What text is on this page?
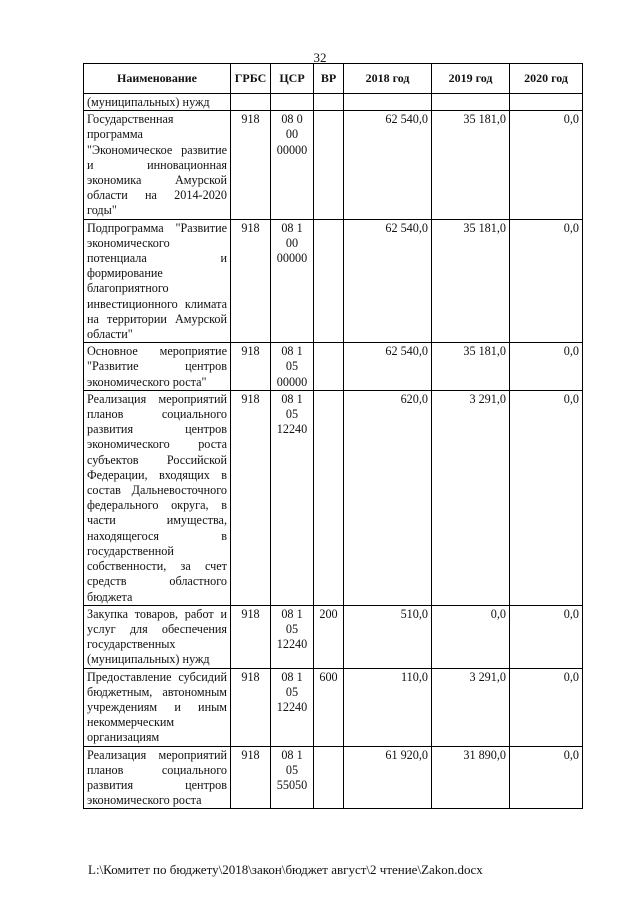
32
Наименование	ГРБС	ЦСР	ВР	2018 год	2019 год	2020 год
(муниципальных) нужд						
Государственная программа "Экономическое развитие и инновационная экономика Амурской области на 2014-2020 годы"	918	08 0 00 00000		62 540,0	35 181,0	0,0
Подпрограмма "Развитие экономического потенциала и формирование благоприятного инвестиционного климата на территории Амурской области"	918	08 1 00 00000		62 540,0	35 181,0	0,0
Основное мероприятие "Развитие центров экономического роста"	918	08 1 05 00000		62 540,0	35 181,0	0,0
Реализация мероприятий планов социального развития центров экономического роста субъектов Российской Федерации, входящих в состав Дальневосточного федерального округа, в части имущества, находящегося в государственной собственности, за счет средств областного бюджета	918	08 1 05 12240		620,0	3 291,0	0,0
Закупка товаров, работ и услуг для обеспечения государственных (муниципальных) нужд	918	08 1 05 12240	200	510,0	0,0	0,0
Предоставление субсидий бюджетным, автономным учреждениям и иным некоммерческим организациям	918	08 1 05 12240	600	110,0	3 291,0	0,0
Реализация мероприятий планов социального развития центров экономического роста	918	08 1 05 55050		61 920,0	31 890,0	0,0
L:\Комитет по бюджету\2018\закон\бюджет август\2 чтение\Zakon.docx
